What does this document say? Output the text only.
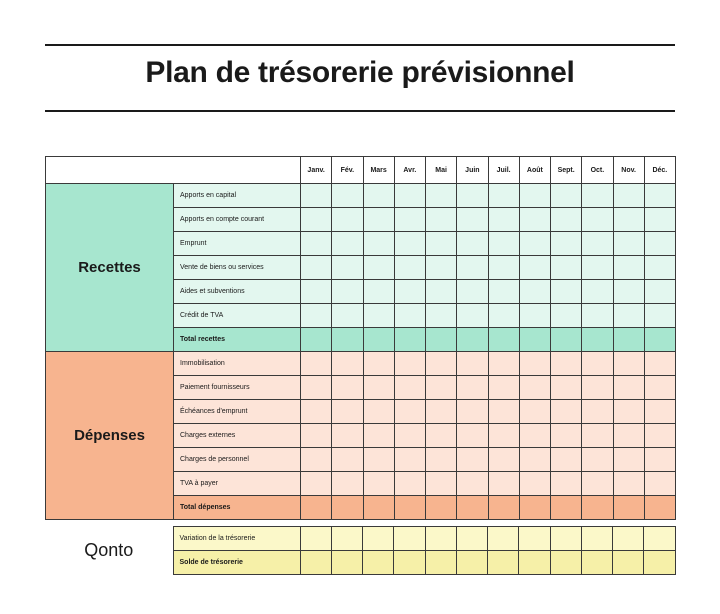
Plan de trésorerie prévisionnel
		Janv.	Fév.	Mars	Avr.	Mai	Juin	Juil.	Août	Sept.	Oct.	Nov.	Déc.
Recettes	Apports en capital												
	Apports en compte courant												
	Emprunt												
	Vente de biens ou services												
	Aides et subventions												
	Crédit de TVA												
	Total recettes												
Dépenses	Immobilisation												
	Paiement fournisseurs												
	Échéances d'emprunt												
	Charges externes												
	Charges de personnel												
	TVA à payer												
	Total dépenses												
Qonto	Variation de la trésorerie												
	Solde de trésorerie												
